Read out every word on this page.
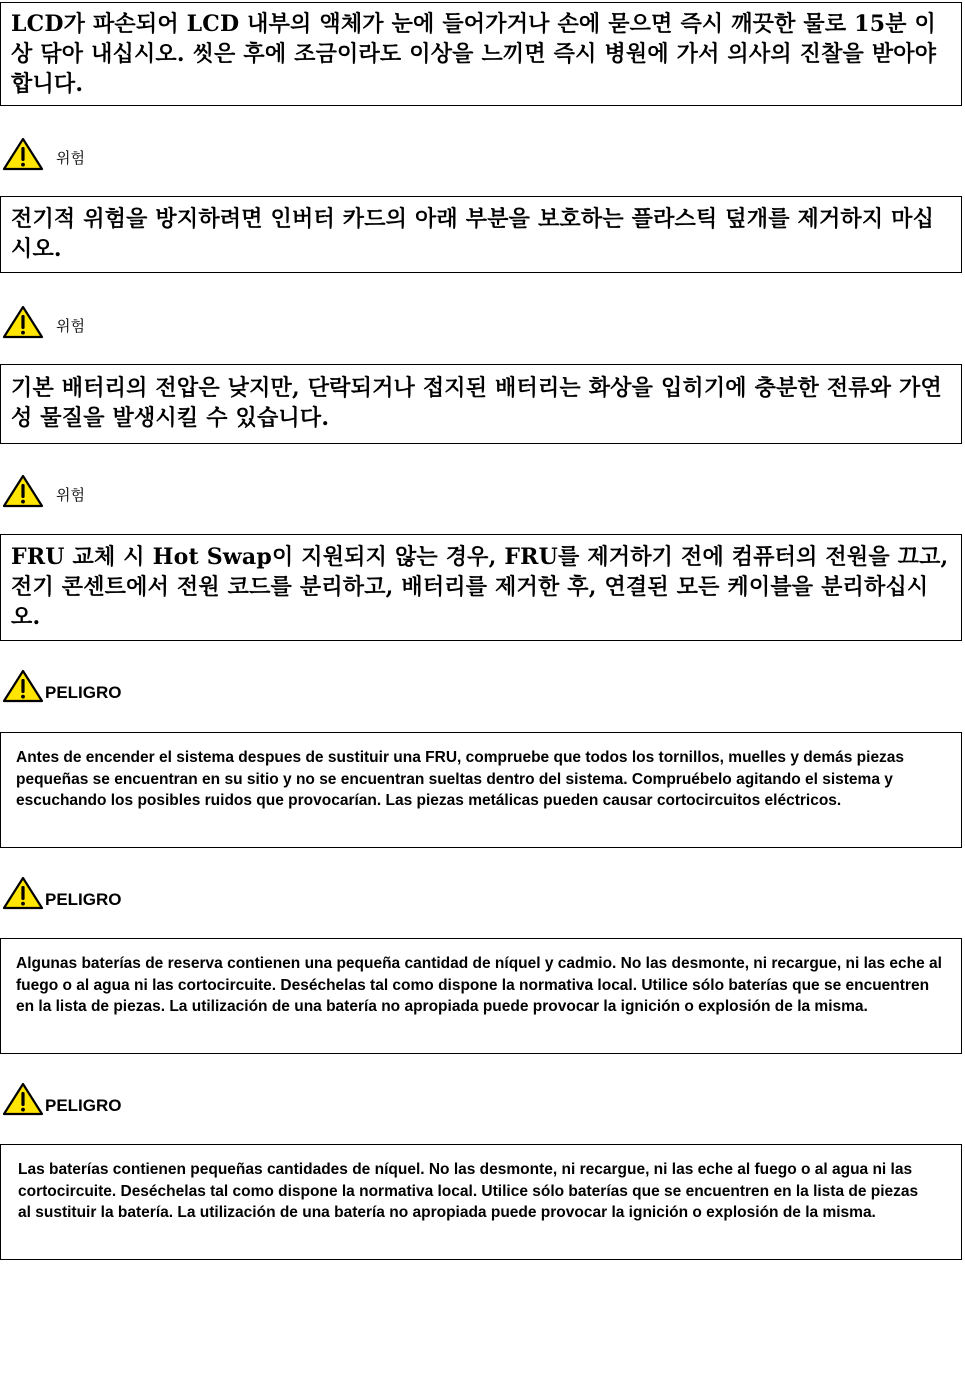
LCD가 파손되어 LCD 내부의 액체가 눈에 들어가거나 손에 묻으면 즉시 깨끗한 물로 15분 이상 닦아 내십시오. 씻은 후에 조금이라도 이상을 느끼면 즉시 병원에 가서 의사의 진찰을 받아야 합니다.

위험

전기적 위험을 방지하려면 인버터 카드의 아래 부분을 보호하는 플라스틱 덮개를 제거하지 마십시오.

위험

기본 배터리의 전압은 낮지만, 단락되거나 접지된 배터리는 화상을 입히기에 충분한 전류와 가연성 물질을 발생시킬 수 있습니다.

위험

FRU 교체 시 Hot Swap이 지원되지 않는 경우, FRU를 제거하기 전에 컴퓨터의 전원을 끄고, 전기 콘센트에서 전원 코드를 분리하고, 배터리를 제거한 후, 연결된 모든 케이블을 분리하십시오.

PELIGRO

Antes de encender el sistema despues de sustituir una FRU, compruebe que todos los tornillos, muelles y demás piezas pequeñas se encuentran en su sitio y no se encuentran sueltas dentro del sistema. Compruébelo agitando el sistema y escuchando los posibles ruidos que provocarían. Las piezas metálicas pueden causar cortocircuitos eléctricos.

PELIGRO

Algunas baterías de reserva contienen una pequeña cantidad de níquel y cadmio. No las desmonte, ni recargue, ni las eche al fuego o al agua ni las cortocircuite. Deséchelas tal como dispone la normativa local. Utilice sólo baterías que se encuentren en la lista de piezas. La utilización de una batería no apropiada puede provocar la ignición o explosión de la misma.

PELIGRO

Las baterías contienen pequeñas cantidades de níquel. No las desmonte, ni recargue, ni las eche al fuego o al agua ni las cortocircuite. Deséchelas tal como dispone la normativa local. Utilice sólo baterías que se encuentren en la lista de piezas al sustituir la batería. La utilización de una batería no apropiada puede provocar la ignición o explosión de la misma.
